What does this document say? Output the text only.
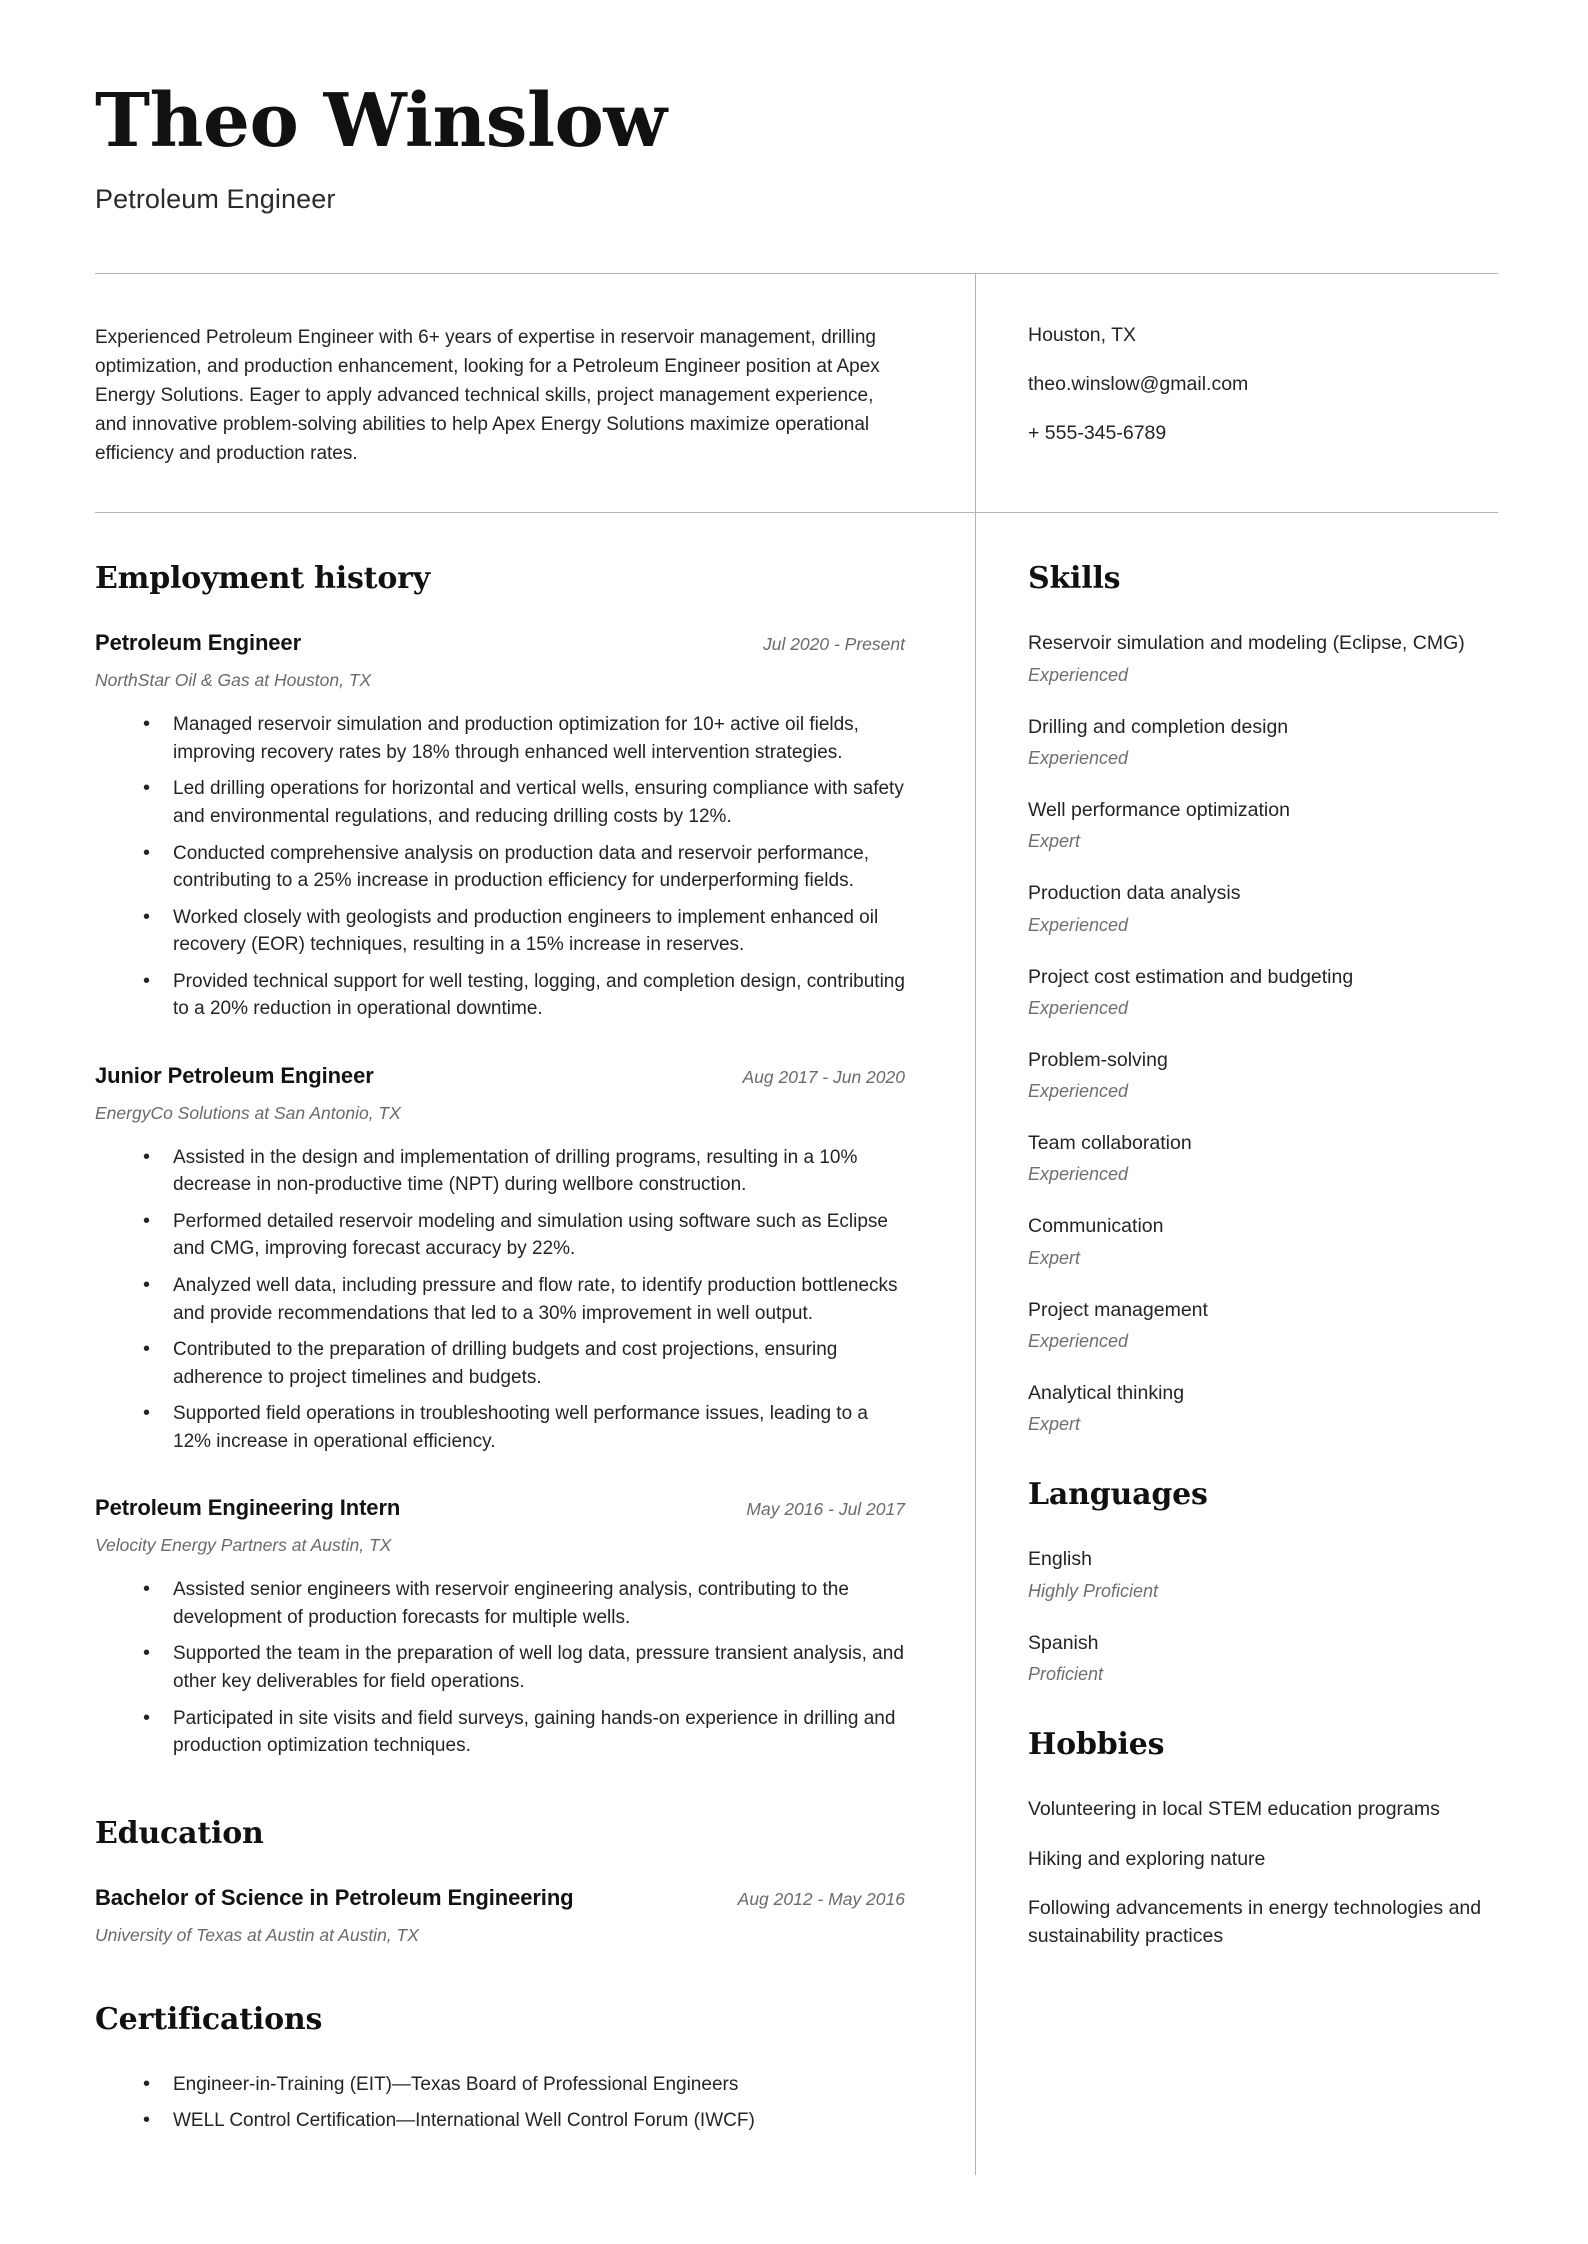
Theo Winslow

Petroleum Engineer

Experienced Petroleum Engineer with 6+ years of expertise in reservoir management, drilling optimization, and production enhancement, looking for a Petroleum Engineer position at Apex Energy Solutions. Eager to apply advanced technical skills, project management experience, and innovative problem-solving abilities to help Apex Energy Solutions maximize operational efficiency and production rates.

Houston, TX

theo.winslow@gmail.com

+ 555-345-6789

Employment history
Petroleum Engineer	Jul 2020 - Present

NorthStar Oil & Gas at Houston, TX

• Managed reservoir simulation and production optimization for 10+ active oil fields, improving recovery rates by 18% through enhanced well intervention strategies.
• Led drilling operations for horizontal and vertical wells, ensuring compliance with safety and environmental regulations, and reducing drilling costs by 12%.
• Conducted comprehensive analysis on production data and reservoir performance, contributing to a 25% increase in production efficiency for underperforming fields.
• Worked closely with geologists and production engineers to implement enhanced oil recovery (EOR) techniques, resulting in a 15% increase in reserves.
• Provided technical support for well testing, logging, and completion design, contributing to a 20% reduction in operational downtime.
Junior Petroleum Engineer	Aug 2017 - Jun 2020

EnergyCo Solutions at San Antonio, TX

• Assisted in the design and implementation of drilling programs, resulting in a 10% decrease in non-productive time (NPT) during wellbore construction.
• Performed detailed reservoir modeling and simulation using software such as Eclipse and CMG, improving forecast accuracy by 22%.
• Analyzed well data, including pressure and flow rate, to identify production bottlenecks and provide recommendations that led to a 30% improvement in well output.
• Contributed to the preparation of drilling budgets and cost projections, ensuring adherence to project timelines and budgets.
• Supported field operations in troubleshooting well performance issues, leading to a 12% increase in operational efficiency.
Petroleum Engineering Intern	May 2016 - Jul 2017

Velocity Energy Partners at Austin, TX

• Assisted senior engineers with reservoir engineering analysis, contributing to the development of production forecasts for multiple wells.
• Supported the team in the preparation of well log data, pressure transient analysis, and other key deliverables for field operations.
• Participated in site visits and field surveys, gaining hands-on experience in drilling and production optimization techniques.
Education
Bachelor of Science in Petroleum Engineering	Aug 2012 - May 2016

University of Texas at Austin at Austin, TX

Certifications
• Engineer-in-Training (EIT)—Texas Board of Professional Engineers
• WELL Control Certification—International Well Control Forum (IWCF)
Skills

Reservoir simulation and modeling (Eclipse, CMG)

Experienced

Drilling and completion design

Experienced

Well performance optimization

Expert

Production data analysis

Experienced

Project cost estimation and budgeting

Experienced

Problem-solving

Experienced

Team collaboration

Experienced

Communication

Expert

Project management

Experienced

Analytical thinking

Expert

Languages

English

Highly Proficient

Spanish

Proficient

Hobbies

Volunteering in local STEM education programs

Hiking and exploring nature

Following advancements in energy technologies and sustainability practices
